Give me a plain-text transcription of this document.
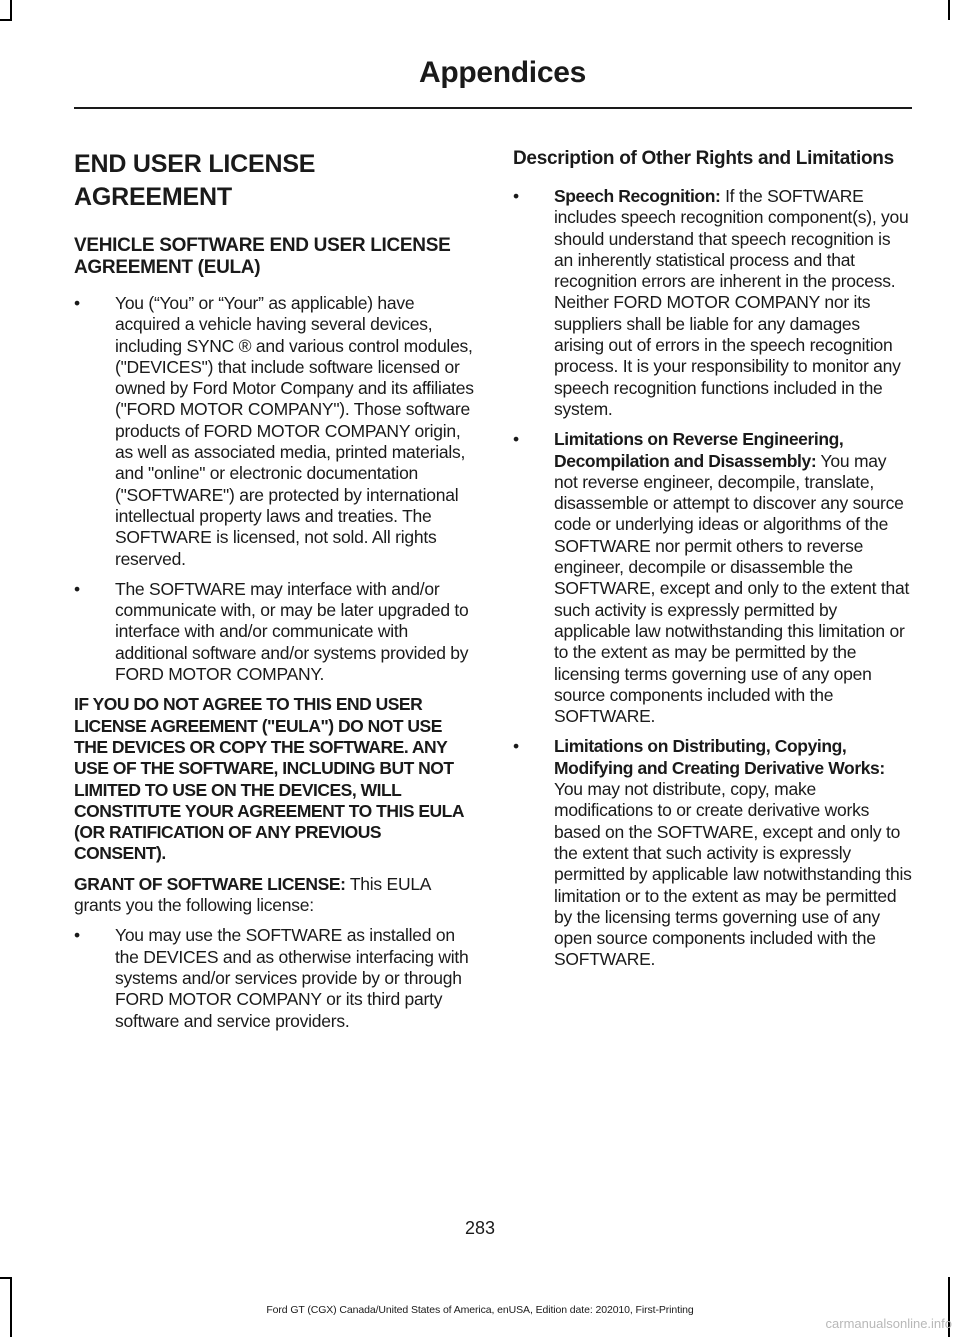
Appendices
END USER LICENSE
AGREEMENT
VEHICLE SOFTWARE END USER LICENSE AGREEMENT (EULA)
• You (“You” or “Your” as applicable) have acquired a vehicle having several devices, including SYNC ® and various control modules, ("DEVICES") that include software licensed or owned by Ford Motor Company and its affiliates ("FORD MOTOR COMPANY"). Those software products of FORD MOTOR COMPANY origin, as well as associated media, printed materials, and "online" or electronic documentation ("SOFTWARE") are protected by international intellectual property laws and treaties. The SOFTWARE is licensed, not sold. All rights reserved.
• The SOFTWARE may interface with and/or communicate with, or may be later upgraded to interface with and/or communicate with additional software and/or systems provided by FORD MOTOR COMPANY.

IF YOU DO NOT AGREE TO THIS END USER LICENSE AGREEMENT ("EULA") DO NOT USE THE DEVICES OR COPY THE SOFTWARE. ANY USE OF THE SOFTWARE, INCLUDING BUT NOT LIMITED TO USE ON THE DEVICES, WILL CONSTITUTE YOUR AGREEMENT TO THIS EULA (OR RATIFICATION OF ANY PREVIOUS CONSENT).

GRANT OF SOFTWARE LICENSE: This EULA grants you the following license:

• You may use the SOFTWARE as installed on the DEVICES and as otherwise interfacing with systems and/or services provide by or through FORD MOTOR COMPANY or its third party software and service providers.
Description of Other Rights and Limitations
• Speech Recognition: If the SOFTWARE includes speech recognition component(s), you should understand that speech recognition is an inherently statistical process and that recognition errors are inherent in the process. Neither FORD MOTOR COMPANY nor its suppliers shall be liable for any damages arising out of errors in the speech recognition process. It is your responsibility to monitor any speech recognition functions included in the system.
• Limitations on Reverse Engineering, Decompilation and Disassembly: You may not reverse engineer, decompile, translate, disassemble or attempt to discover any source code or underlying ideas or algorithms of the SOFTWARE nor permit others to reverse engineer, decompile or disassemble the SOFTWARE, except and only to the extent that such activity is expressly permitted by applicable law notwithstanding this limitation or to the extent as may be permitted by the licensing terms governing use of any open source components included with the SOFTWARE.
• Limitations on Distributing, Copying, Modifying and Creating Derivative Works: You may not distribute, copy, make modifications to or create derivative works based on the SOFTWARE, except and only to the extent that such activity is expressly permitted by applicable law notwithstanding this limitation or to the extent as may be permitted by the licensing terms governing use of any open source components included with the SOFTWARE.
283
Ford GT (CGX) Canada/United States of America, enUSA, Edition date: 202010, First-Printing
carmanualsonline.info
